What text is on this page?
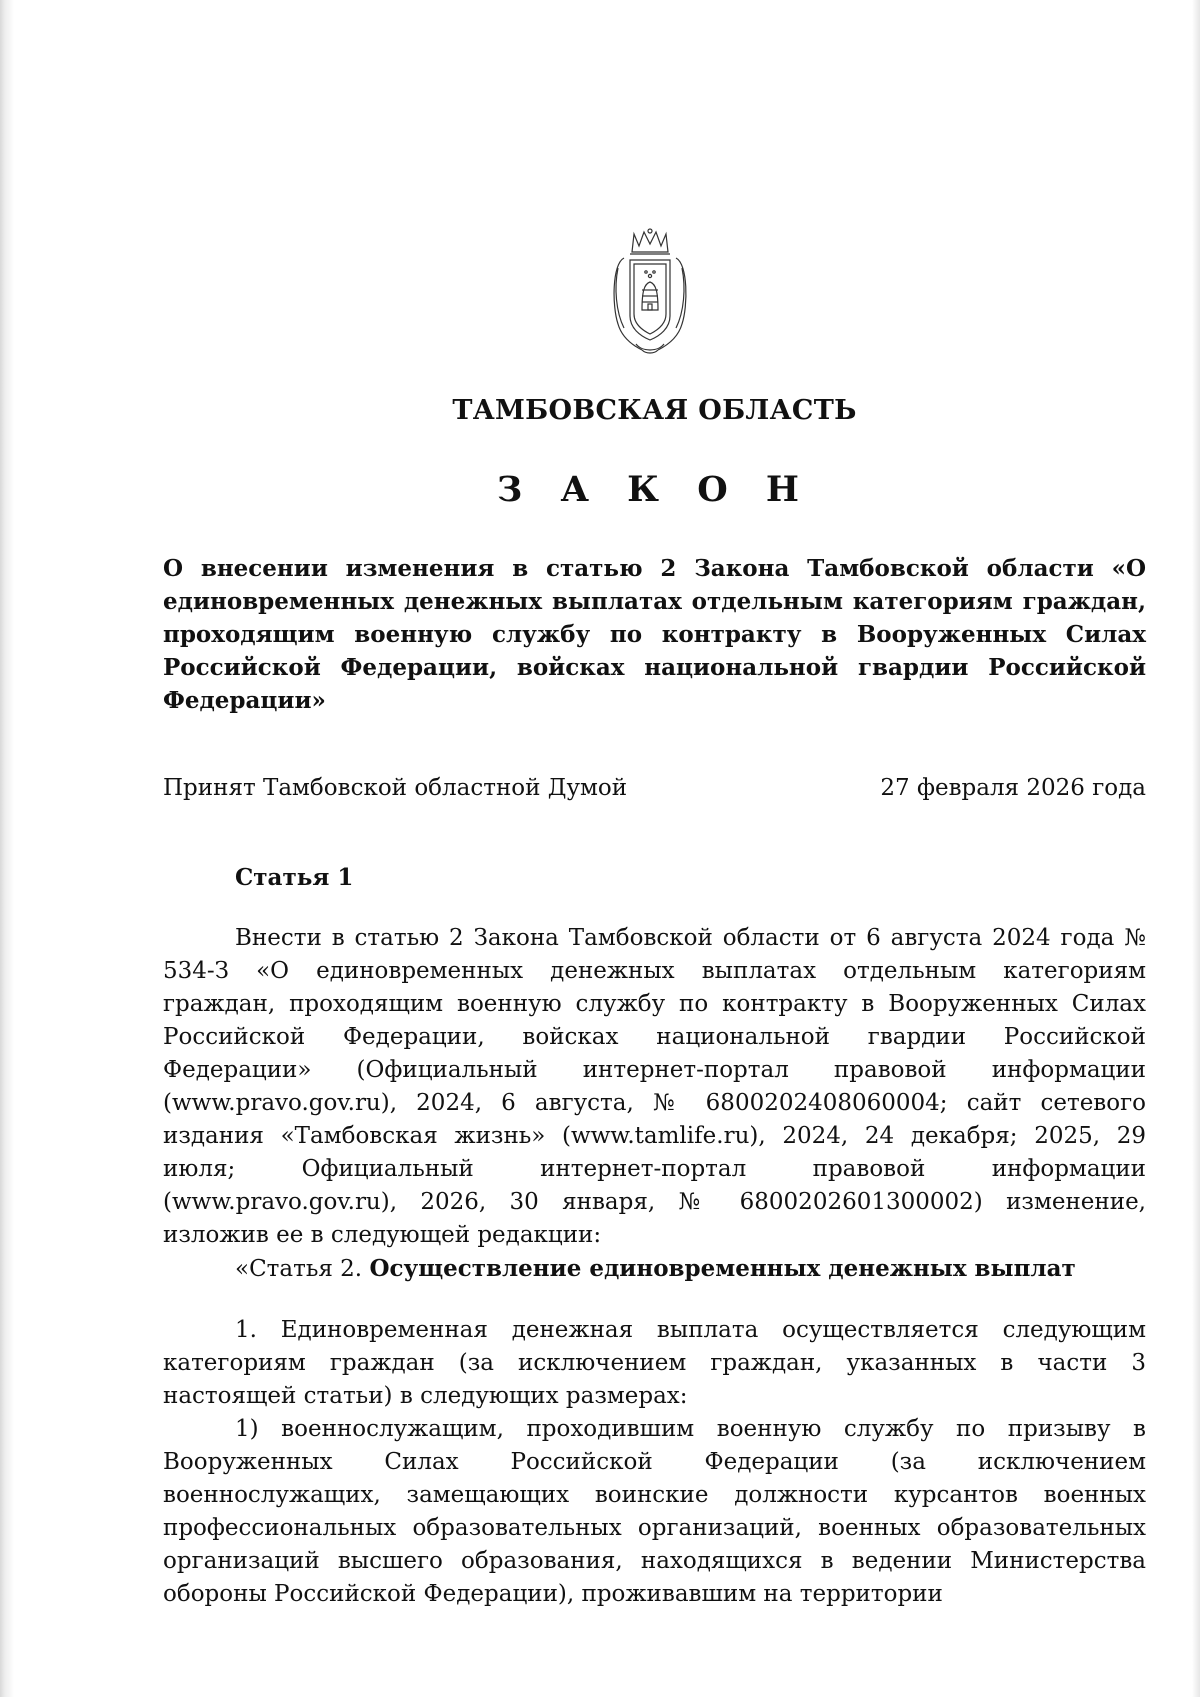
ТАМБОВСКАЯ ОБЛАСТЬ
З А К О Н
О внесении изменения в статью 2 Закона Тамбовской области «О единовременных денежных выплатах отдельным категориям граждан, проходящим военную службу по контракту в Вооруженных Силах Российской Федерации, войсках национальной гвардии Российской Федерации»
Принят Тамбовской областной Думой	27 февраля 2026 года
Статья 1

Внести в статью 2 Закона Тамбовской области от 6 августа 2024 года № 534-З «О единовременных денежных выплатах отдельным категориям граждан, проходящим военную службу по контракту в Вооруженных Силах Российской Федерации, войсках национальной гвардии Российской Федерации» (Официальный интернет-портал правовой информации (www.pravo.gov.ru), 2024, 6 августа, № 6800202408060004; сайт сетевого издания «Тамбовская жизнь» (www.tamlife.ru), 2024, 24 декабря; 2025, 29 июля; Официальный интернет-портал правовой информации (www.pravo.gov.ru), 2026, 30 января, № 6800202601300002) изменение, изложив ее в следующей редакции:

«Статья 2. Осуществление единовременных денежных выплат

1. Единовременная денежная выплата осуществляется следующим категориям граждан (за исключением граждан, указанных в части 3 настоящей статьи) в следующих размерах:

1) военнослужащим, проходившим военную службу по призыву в Вооруженных Силах Российской Федерации (за исключением военнослужащих, замещающих воинские должности курсантов военных профессиональных образовательных организаций, военных образовательных организаций высшего образования, находящихся в ведении Министерства обороны Российской Федерации), проживавшим на территории
